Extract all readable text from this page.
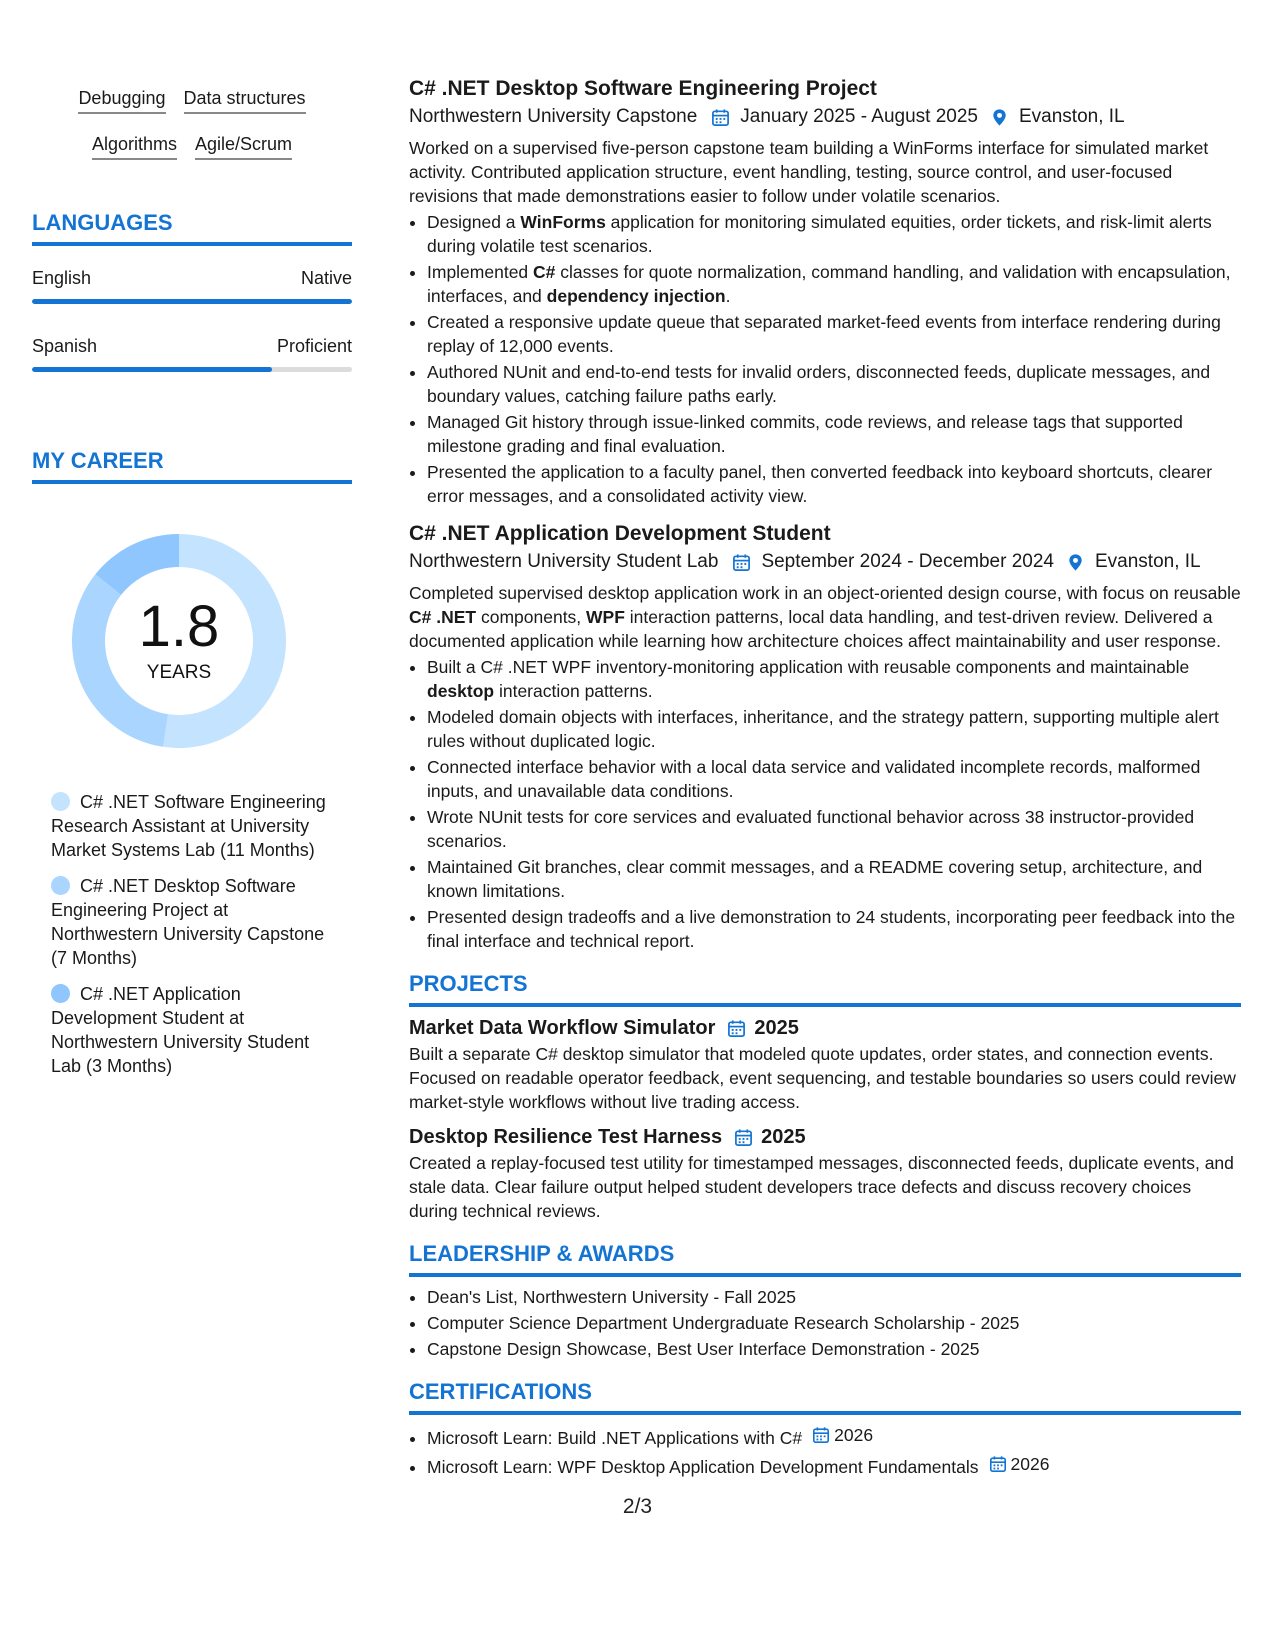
Debugging Data structures
Algorithms Agile/Scrum
LANGUAGES
English	Native
Spanish	Proficient
MY CAREER
1.8
YEARS
C# .NET Software Engineering Research Assistant at University Market Systems Lab (11 Months)
C# .NET Desktop Software Engineering Project at Northwestern University Capstone (7 Months)
C# .NET Application Development Student at Northwestern University Student Lab (3 Months)
C# .NET Desktop Software Engineering Project
Northwestern University Capstone January 2025 - August 2025 Evanston, IL
Worked on a supervised five-person capstone team building a WinForms interface for simulated market activity. Contributed application structure, event handling, testing, source control, and user-focused revisions that made demonstrations easier to follow under volatile scenarios.
• Designed a WinForms application for monitoring simulated equities, order tickets, and risk-limit alerts during volatile test scenarios.
• Implemented C# classes for quote normalization, command handling, and validation with encapsulation, interfaces, and dependency injection.
• Created a responsive update queue that separated market-feed events from interface rendering during replay of 12,000 events.
• Authored NUnit and end-to-end tests for invalid orders, disconnected feeds, duplicate messages, and boundary values, catching failure paths early.
• Managed Git history through issue-linked commits, code reviews, and release tags that supported milestone grading and final evaluation.
• Presented the application to a faculty panel, then converted feedback into keyboard shortcuts, clearer error messages, and a consolidated activity view.
C# .NET Application Development Student
Northwestern University Student Lab September 2024 - December 2024 Evanston, IL
Completed supervised desktop application work in an object-oriented design course, with focus on reusable C# .NET components, WPF interaction patterns, local data handling, and test-driven review. Delivered a documented application while learning how architecture choices affect maintainability and user response.
• Built a C# .NET WPF inventory-monitoring application with reusable components and maintainable desktop interaction patterns.
• Modeled domain objects with interfaces, inheritance, and the strategy pattern, supporting multiple alert rules without duplicated logic.
• Connected interface behavior with a local data service and validated incomplete records, malformed inputs, and unavailable data conditions.
• Wrote NUnit tests for core services and evaluated functional behavior across 38 instructor-provided scenarios.
• Maintained Git branches, clear commit messages, and a README covering setup, architecture, and known limitations.
• Presented design tradeoffs and a live demonstration to 24 students, incorporating peer feedback into the final interface and technical report.
PROJECTS
Market Data Workflow Simulator 2025
Built a separate C# desktop simulator that modeled quote updates, order states, and connection events. Focused on readable operator feedback, event sequencing, and testable boundaries so users could review market-style workflows without live trading access.
Desktop Resilience Test Harness 2025
Created a replay-focused test utility for timestamped messages, disconnected feeds, duplicate events, and stale data. Clear failure output helped student developers trace defects and discuss recovery choices during technical reviews.
LEADERSHIP & AWARDS
• Dean's List, Northwestern University - Fall 2025
• Computer Science Department Undergraduate Research Scholarship - 2025
• Capstone Design Showcase, Best User Interface Demonstration - 2025
CERTIFICATIONS
• Microsoft Learn: Build .NET Applications with C# 2026
• Microsoft Learn: WPF Desktop Application Development Fundamentals 2026
2/3
